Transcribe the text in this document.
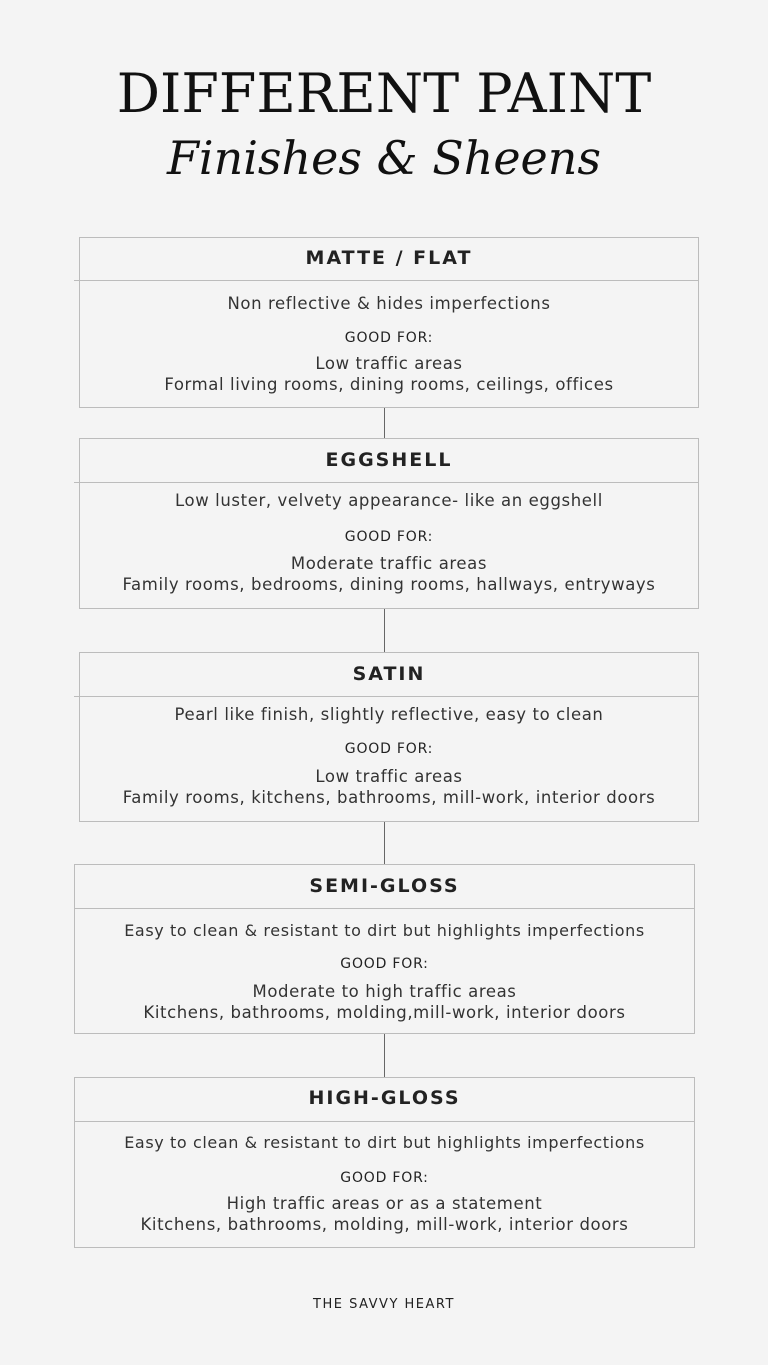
DIFFERENT PAINT
Finishes & Sheens
MATTE / FLAT
Non reflective & hides imperfections
GOOD FOR:
Low traffic areas
Formal living rooms, dining rooms, ceilings, offices
EGGSHELL
Low luster, velvety appearance- like an eggshell
GOOD FOR:
Moderate traffic areas
Family rooms, bedrooms, dining rooms, hallways, entryways
SATIN
Pearl like finish, slightly reflective, easy to clean
GOOD FOR:
Low traffic areas
Family rooms, kitchens, bathrooms, mill-work, interior doors
SEMI-GLOSS
Easy to clean & resistant to dirt but highlights imperfections
GOOD FOR:
Moderate to high traffic areas
Kitchens, bathrooms, molding,mill-work, interior doors
HIGH-GLOSS
Easy to clean & resistant to dirt but highlights imperfections
GOOD FOR:
High traffic areas or as a statement
Kitchens, bathrooms, molding, mill-work, interior doors
THE SAVVY HEART
